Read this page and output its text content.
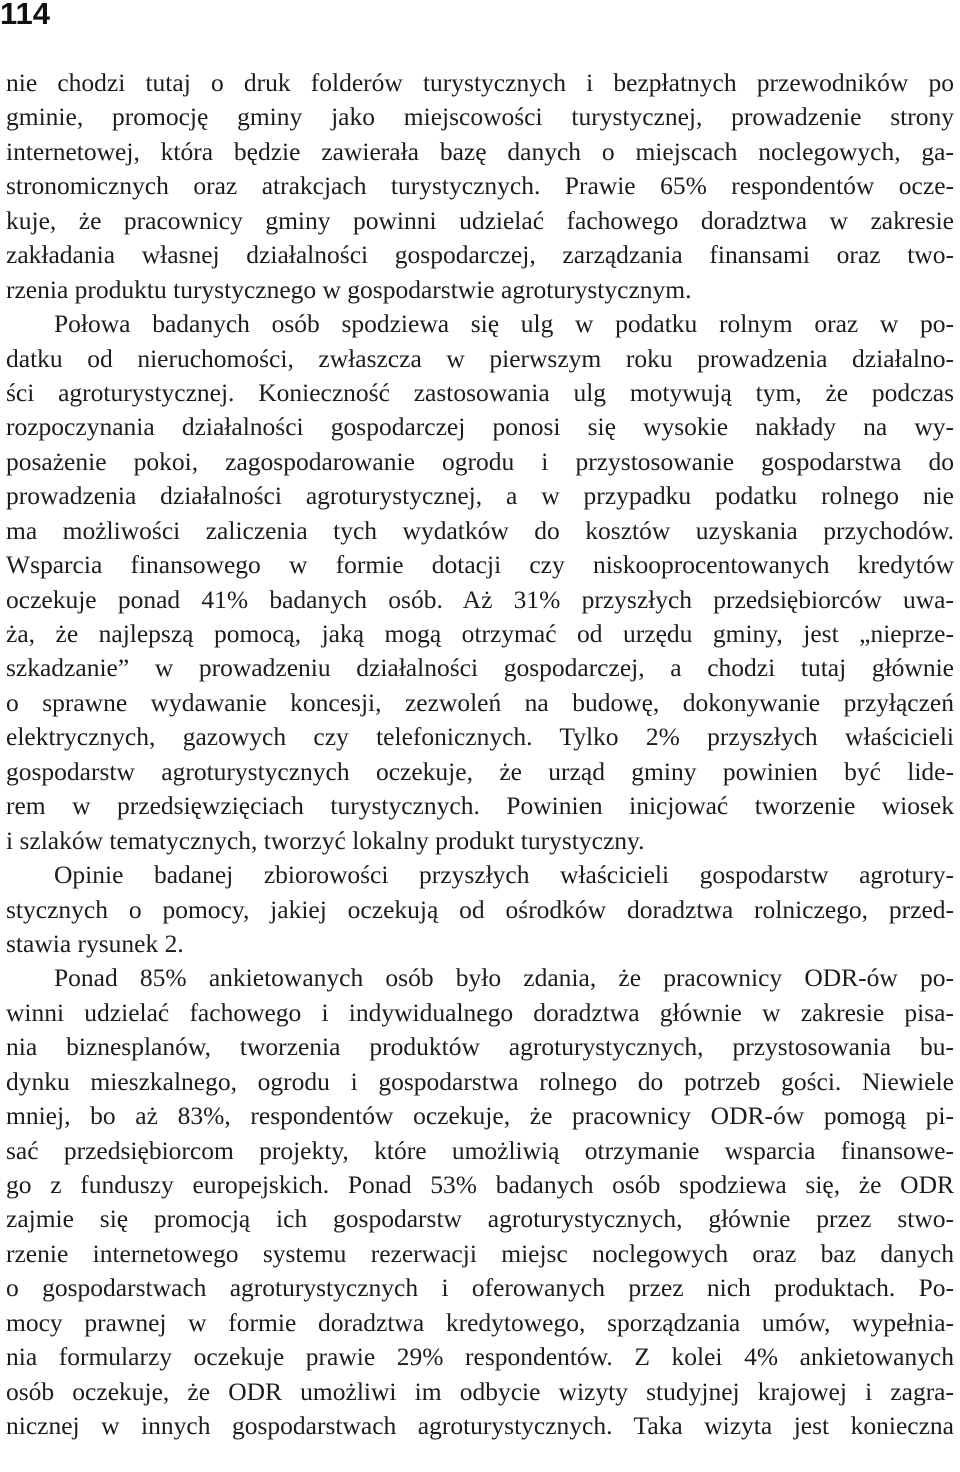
114
nie chodzi tutaj o druk folderów turystycznych i bezpłatnych przewodników po
gminie, promocję gminy jako miejscowości turystycznej, prowadzenie strony
internetowej, która będzie zawierała bazę danych o miejscach noclegowych, ga-
stronomicznych oraz atrakcjach turystycznych. Prawie 65% respondentów ocze-
kuje, że pracownicy gminy powinni udzielać fachowego doradztwa w zakresie
zakładania własnej działalności gospodarczej, zarządzania finansami oraz two-
rzenia produktu turystycznego w gospodarstwie agroturystycznym.
Połowa badanych osób spodziewa się ulg w podatku rolnym oraz w po-
datku od nieruchomości, zwłaszcza w pierwszym roku prowadzenia działalno-
ści agroturystycznej. Konieczność zastosowania ulg motywują tym, że podczas
rozpoczynania działalności gospodarczej ponosi się wysokie nakłady na wy-
posażenie pokoi, zagospodarowanie ogrodu i przystosowanie gospodarstwa do
prowadzenia działalności agroturystycznej, a w przypadku podatku rolnego nie
ma możliwości zaliczenia tych wydatków do kosztów uzyskania przychodów.
Wsparcia finansowego w formie dotacji czy niskooprocentowanych kredytów
oczekuje ponad 41% badanych osób. Aż 31% przyszłych przedsiębiorców uwa-
ża, że najlepszą pomocą, jaką mogą otrzymać od urzędu gminy, jest „nieprze-
szkadzanie” w prowadzeniu działalności gospodarczej, a chodzi tutaj głównie
o sprawne wydawanie koncesji, zezwoleń na budowę, dokonywanie przyłączeń
elektrycznych, gazowych czy telefonicznych. Tylko 2% przyszłych właścicieli
gospodarstw agroturystycznych oczekuje, że urząd gminy powinien być lide-
rem w przedsięwzięciach turystycznych. Powinien inicjować tworzenie wiosek
i szlaków tematycznych, tworzyć lokalny produkt turystyczny.
Opinie badanej zbiorowości przyszłych właścicieli gospodarstw agrotury-
stycznych o pomocy, jakiej oczekują od ośrodków doradztwa rolniczego, przed-
stawia rysunek 2.
Ponad 85% ankietowanych osób było zdania, że pracownicy ODR-ów po-
winni udzielać fachowego i indywidualnego doradztwa głównie w zakresie pisa-
nia biznesplanów, tworzenia produktów agroturystycznych, przystosowania bu-
dynku mieszkalnego, ogrodu i gospodarstwa rolnego do potrzeb gości. Niewiele
mniej, bo aż 83%, respondentów oczekuje, że pracownicy ODR-ów pomogą pi-
sać przedsiębiorcom projekty, które umożliwią otrzymanie wsparcia finansowe-
go z funduszy europejskich. Ponad 53% badanych osób spodziewa się, że ODR
zajmie się promocją ich gospodarstw agroturystycznych, głównie przez stwo-
rzenie internetowego systemu rezerwacji miejsc noclegowych oraz baz danych
o gospodarstwach agroturystycznych i oferowanych przez nich produktach. Po-
mocy prawnej w formie doradztwa kredytowego, sporządzania umów, wypełnia-
nia formularzy oczekuje prawie 29% respondentów. Z kolei 4% ankietowanych
osób oczekuje, że ODR umożliwi im odbycie wizyty studyjnej krajowej i zagra-
nicznej w innych gospodarstwach agroturystycznych. Taka wizyta jest konieczna
